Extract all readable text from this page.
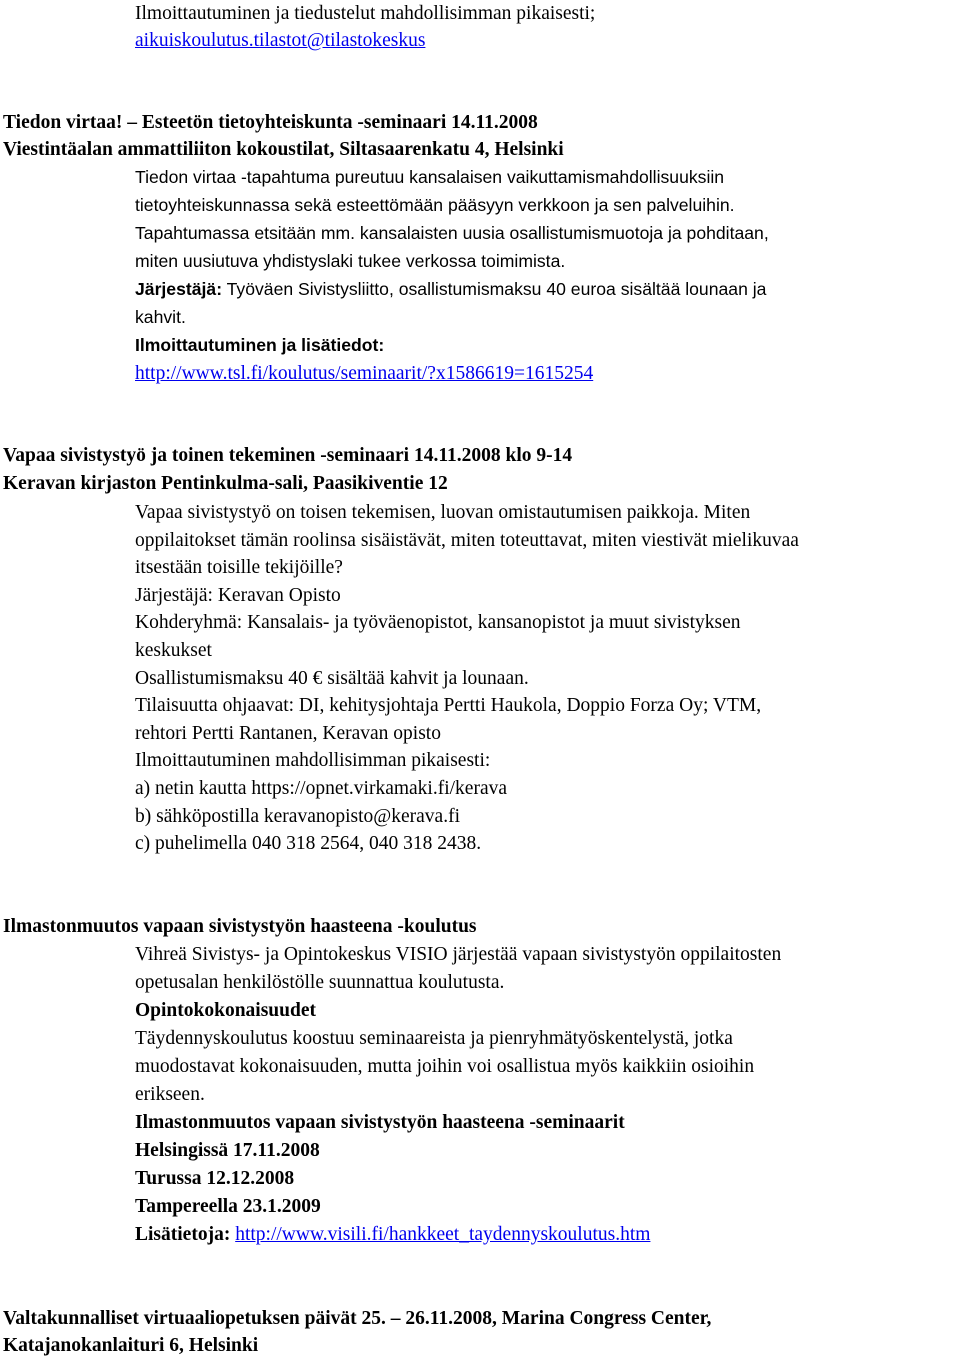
Ilmoittautuminen ja tiedustelut mahdollisimman pikaisesti;
aikuiskoulutus.tilastot@tilastokeskus
Tiedon virtaa! – Esteetön tietoyhteiskunta -seminaari 14.11.2008
Viestintäalan ammattiliiton kokoustilat, Siltasaarenkatu 4, Helsinki
Tiedon virtaa -tapahtuma pureutuu kansalaisen vaikuttamismahdollisuuksiin
tietoyhteiskunnassa sekä esteettömään pääsyyn verkkoon ja sen palveluihin.
Tapahtumassa etsitään mm. kansalaisten uusia osallistumismuotoja ja pohditaan,
miten uusiutuva yhdistyslaki tukee verkossa toimimista.
Järjestäjä: Työväen Sivistysliitto, osallistumismaksu 40 euroa sisältää lounaan ja
kahvit.
Ilmoittautuminen ja lisätiedot:
http://www.tsl.fi/koulutus/seminaarit/?x1586619=1615254
Vapaa sivistystyö ja toinen tekeminen -seminaari 14.11.2008 klo 9-14
Keravan kirjaston Pentinkulma-sali, Paasikiventie 12
Vapaa sivistystyö on toisen tekemisen, luovan omistautumisen paikkoja. Miten
oppilaitokset tämän roolinsa sisäistävät, miten toteuttavat, miten viestivät mielikuvaa
itsestään toisille tekijöille?
Järjestäjä: Keravan Opisto
Kohderyhmä: Kansalais- ja työväenopistot, kansanopistot ja muut sivistyksen
keskukset
Osallistumismaksu 40 € sisältää kahvit ja lounaan.
Tilaisuutta ohjaavat: DI, kehitysjohtaja Pertti Haukola, Doppio Forza Oy; VTM,
rehtori Pertti Rantanen, Keravan opisto
Ilmoittautuminen mahdollisimman pikaisesti:
a) netin kautta https://opnet.virkamaki.fi/kerava
b) sähköpostilla keravanopisto@kerava.fi
c) puhelimella 040 318 2564, 040 318 2438.
Ilmastonmuutos vapaan sivistystyön haasteena -koulutus
Vihreä Sivistys- ja Opintokeskus VISIO järjestää vapaan sivistystyön oppilaitosten
opetusalan henkilöstölle suunnattua koulutusta.
Opintokokonaisuudet
Täydennyskoulutus koostuu seminaareista ja pienryhmätyöskentelystä, jotka
muodostavat kokonaisuuden, mutta joihin voi osallistua myös kaikkiin osioihin
erikseen.
Ilmastonmuutos vapaan sivistystyön haasteena -seminaarit
Helsingissä 17.11.2008
Turussa 12.12.2008
Tampereella 23.1.2009
Lisätietoja: http://www.visili.fi/hankkeet_taydennyskoulutus.htm
Valtakunnalliset virtuaaliopetuksen päivät 25. – 26.11.2008, Marina Congress Center,
Katajanokanlaituri 6, Helsinki
